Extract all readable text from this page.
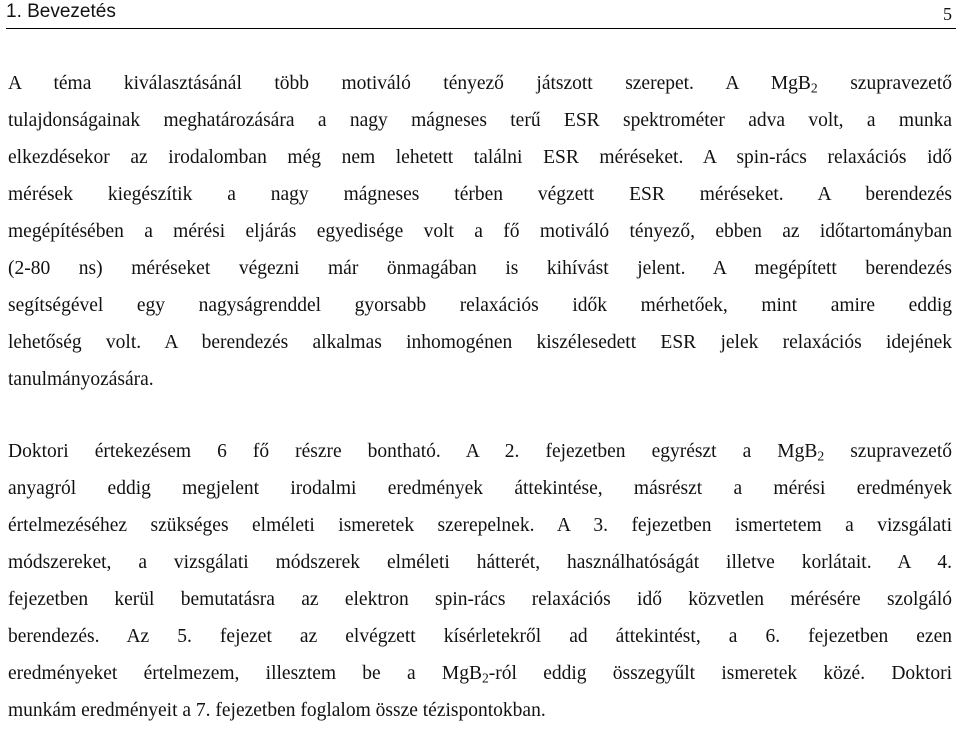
1. Bevezetés	5
A téma kiválasztásánál több motiváló tényező játszott szerepet. A MgB$_2$ szupravezető
tulajdonságainak meghatározására a nagy mágneses terű ESR spektrométer adva volt, a munka
elkezdésekor az irodalomban még nem lehetett találni ESR méréseket. A spin-rács relaxációs idő
mérések kiegészítik a nagy mágneses térben végzett ESR méréseket. A berendezés
megépítésében a mérési eljárás egyedisége volt a fő motiváló tényező, ebben az időtartományban
(2-80 ns) méréseket végezni már önmagában is kihívást jelent. A megépített berendezés
segítségével egy nagyságrenddel gyorsabb relaxációs idők mérhetőek, mint amire eddig
lehetőség volt. A berendezés alkalmas inhomogénen kiszélesedett ESR jelek relaxációs idejének
tanulmányozására.
Doktori értekezésem 6 fő részre bontható. A 2. fejezetben egyrészt a MgB$_2$ szupravezető
anyagról eddig megjelent irodalmi eredmények áttekintése, másrészt a mérési eredmények
értelmezéséhez szükséges elméleti ismeretek szerepelnek. A 3. fejezetben ismertetem a vizsgálati
módszereket, a vizsgálati módszerek elméleti hátterét, használhatóságát illetve korlátait. A 4.
fejezetben kerül bemutatásra az elektron spin-rács relaxációs idő közvetlen mérésére szolgáló
berendezés. Az 5. fejezet az elvégzett kísérletekről ad áttekintést, a 6. fejezetben ezen
eredményeket értelmezem, illesztem be a MgB$_2$-ról eddig összegyűlt ismeretek közé. Doktori
munkám eredményeit a 7. fejezetben foglalom össze tézispontokban.
